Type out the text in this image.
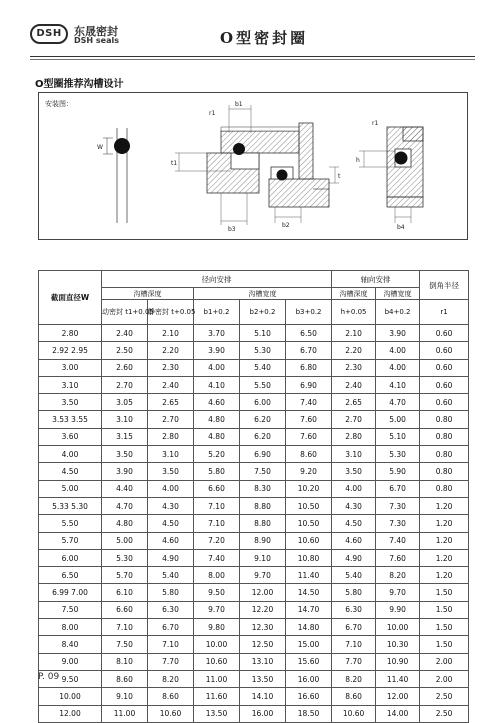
DSH	东晟密封
DSH seals	O型密封圈
O型圈推荐沟槽设计
W
b1
r1
b3
b2
t1
t
r1
h
b4
安装图：
截面直径W	径向安排					轴向安排		倒角半径
	沟槽深度		沟槽宽度			沟槽深度	沟槽宽度	
	动密封 t1+0.05	静密封 t+0.05	b1+0.2	b2+0.2	b3+0.2	h+0.05	b4+0.2	r1
2.80	2.40	2.10	3.70	5.10	6.50	2.10	3.90	0.60
2.92 2.95	2.50	2.20	3.90	5.30	6.70	2.20	4.00	0.60
3.00	2.60	2.30	4.00	5.40	6.80	2.30	4.00	0.60
3.10	2.70	2.40	4.10	5.50	6.90	2.40	4.10	0.60
3.50	3.05	2.65	4.60	6.00	7.40	2.65	4.70	0.60
3.53 3.55	3.10	2.70	4.80	6.20	7.60	2.70	5.00	0.80
3.60	3.15	2.80	4.80	6.20	7.60	2.80	5.10	0.80
4.00	3.50	3.10	5.20	6.90	8.60	3.10	5.30	0.80
4.50	3.90	3.50	5.80	7.50	9.20	3.50	5.90	0.80
5.00	4.40	4.00	6.60	8.30	10.20	4.00	6.70	0.80
5.33 5.30	4.70	4.30	7.10	8.80	10.50	4.30	7.30	1.20
5.50	4.80	4.50	7.10	8.80	10.50	4.50	7.30	1.20
5.70	5.00	4.60	7.20	8.90	10.60	4.60	7.40	1.20
6.00	5.30	4.90	7.40	9.10	10.80	4.90	7.60	1.20
6.50	5.70	5.40	8.00	9.70	11.40	5.40	8.20	1.20
6.99 7.00	6.10	5.80	9.50	12.00	14.50	5.80	9.70	1.50
7.50	6.60	6.30	9.70	12.20	14.70	6.30	9.90	1.50
8.00	7.10	6.70	9.80	12.30	14.80	6.70	10.00	1.50
8.40	7.50	7.10	10.00	12.50	15.00	7.10	10.30	1.50
9.00	8.10	7.70	10.60	13.10	15.60	7.70	10.90	2.00
9.50	8.60	8.20	11.00	13.50	16.00	8.20	11.40	2.00
10.00	9.10	8.60	11.60	14.10	16.60	8.60	12.00	2.50
12.00	11.00	10.60	13.50	16.00	18.50	10.60	14.00	2.50
P. 09
